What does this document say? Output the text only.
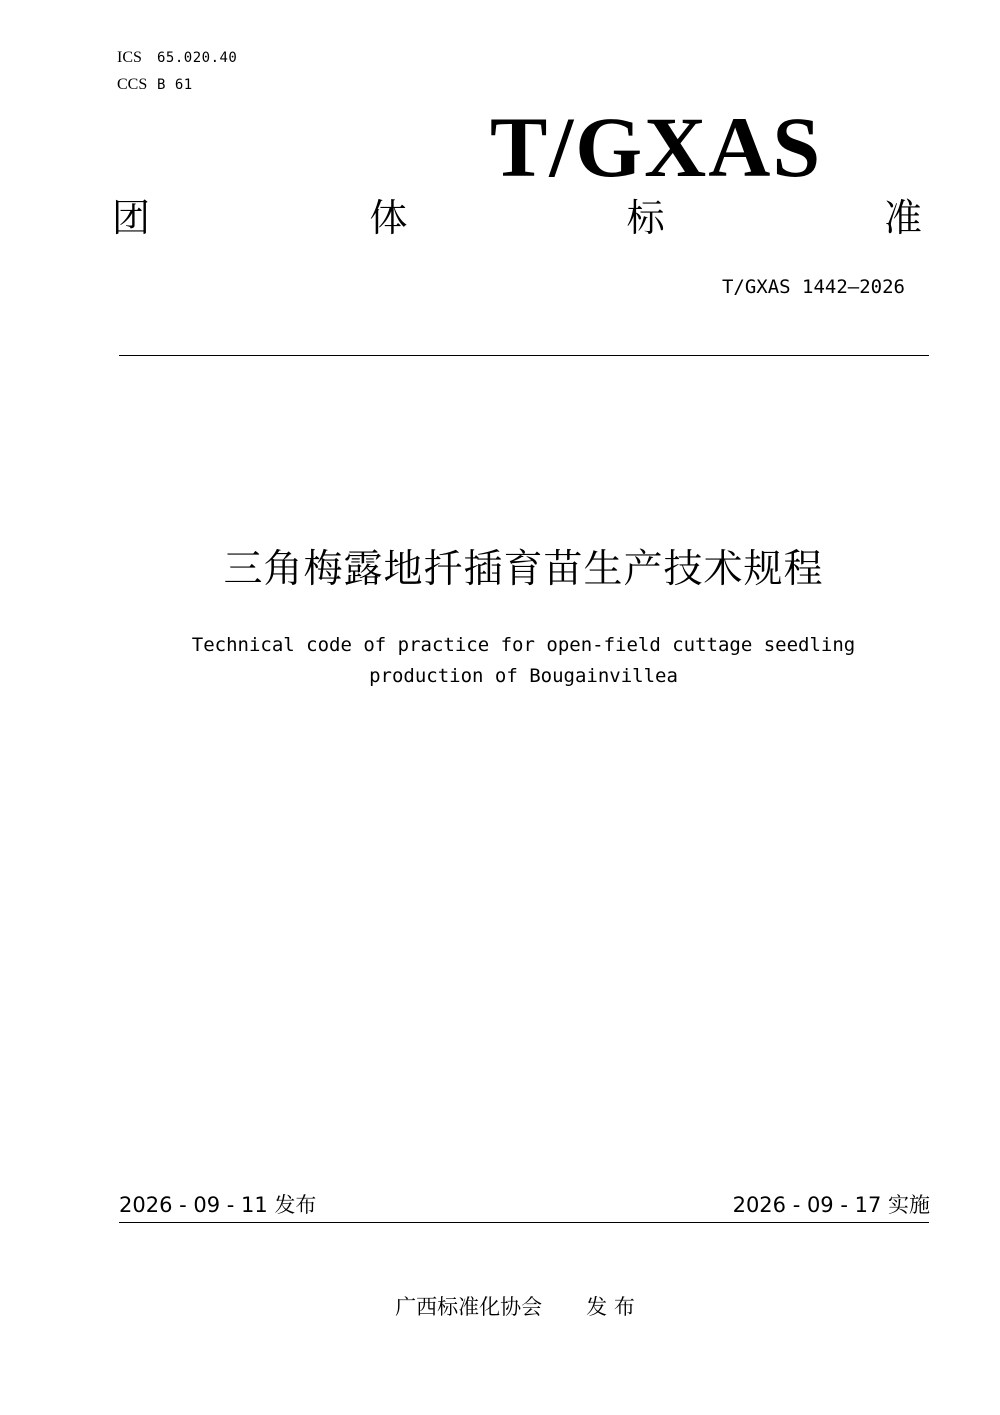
ICS 65.020.40
CCS B 61
T/GXAS
团	体	标	准
T/GXAS 1442—2026
三角梅露地扦插育苗生产技术规程
Technical code of practice for open-field cuttage seedling
production of Bougainvillea
2026 - 09 - 11 发布	2026 - 09 - 17 实施
广西标准化协会 发 布
